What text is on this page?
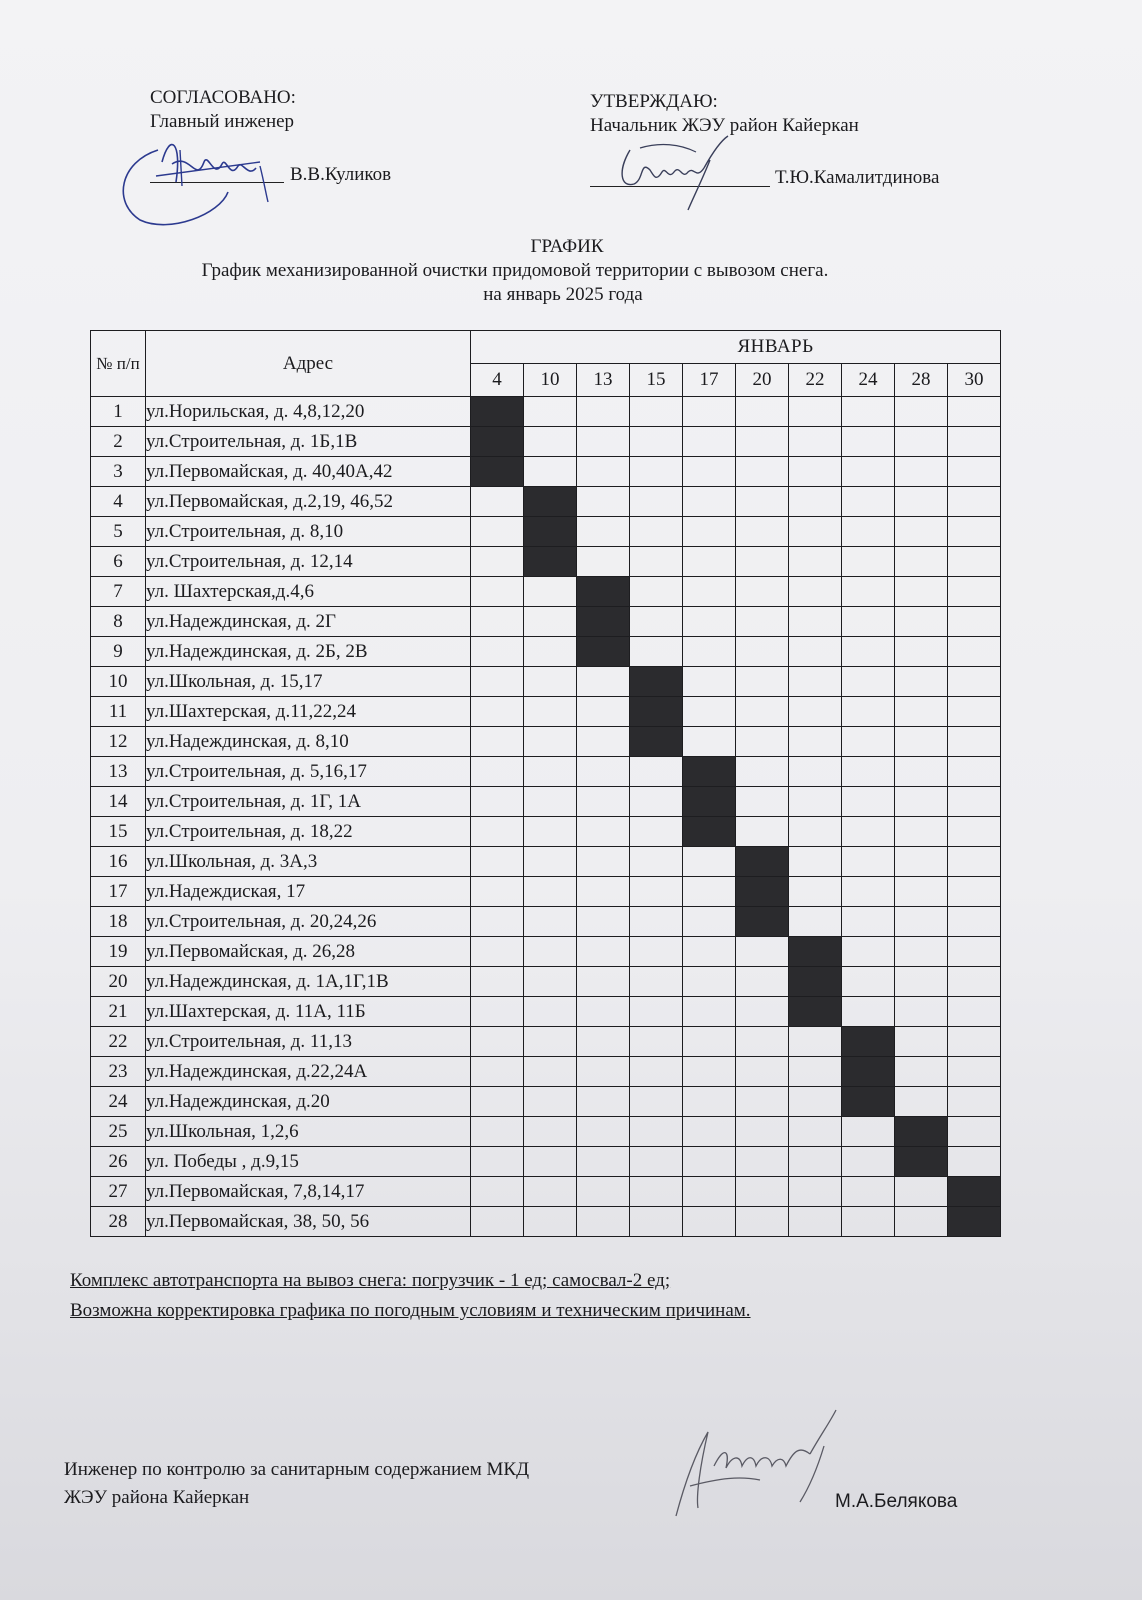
СОГЛАСОВАНО:
Главный инженер
В.В.Куликов
УТВЕРЖДАЮ:
Начальник ЖЭУ район Кайеркан
Т.Ю.Камалитдинова
ГРАФИК
График механизированной очистки придомовой территории с вывозом снега.
на январь 2025 года
№ п/п	Адрес	ЯНВАРЬ									
		4	10	13	15	17	20	22	24	28	30
1	ул.Норильская, д. 4,8,12,20										
2	ул.Строительная, д. 1Б,1В										
3	ул.Первомайская, д. 40,40А,42										
4	ул.Первомайская, д.2,19, 46,52										
5	ул.Строительная, д. 8,10										
6	ул.Строительная, д. 12,14										
7	ул. Шахтерская,д.4,6										
8	ул.Надеждинская, д. 2Г										
9	ул.Надеждинская, д. 2Б, 2В										
10	ул.Школьная, д. 15,17										
11	ул.Шахтерская, д.11,22,24										
12	ул.Надеждинская, д. 8,10										
13	ул.Строительная, д. 5,16,17										
14	ул.Строительная, д. 1Г, 1А										
15	ул.Строительная, д. 18,22										
16	ул.Школьная, д. 3А,3										
17	ул.Надеждиская, 17										
18	ул.Строительная, д. 20,24,26										
19	ул.Первомайская, д. 26,28										
20	ул.Надеждинская, д. 1А,1Г,1В										
21	ул.Шахтерская, д. 11А, 11Б										
22	ул.Строительная, д. 11,13										
23	ул.Надеждинская, д.22,24А										
24	ул.Надеждинская, д.20										
25	ул.Школьная, 1,2,6										
26	ул. Победы , д.9,15										
27	ул.Первомайская, 7,8,14,17										
28	ул.Первомайская, 38, 50, 56										
Комплекс автотранспорта на вывоз снега: погрузчик - 1 ед; самосвал-2 ед;
Возможна корректировка графика по погодным условиям и техническим причинам.
Инженер по контролю за санитарным содержанием МКД
ЖЭУ района Кайеркан	М.А.Белякова
